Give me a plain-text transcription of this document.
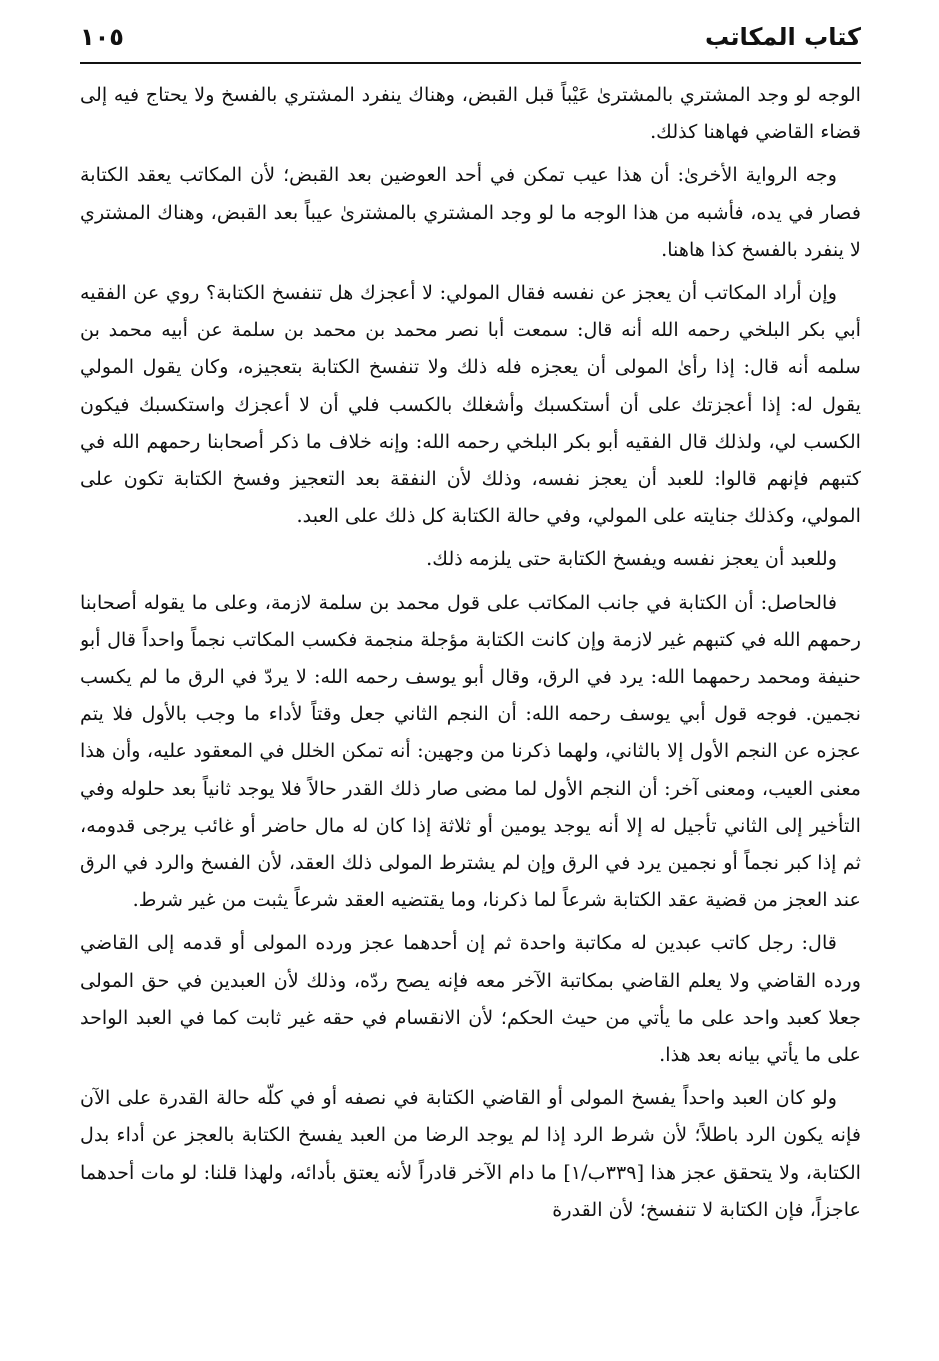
كتاب المكاتب
١٠٥

الوجه لو وجد المشتري بالمشترىٰ عَيْباً قبل القبض، وهناك ينفرد المشتري بالفسخ ولا يحتاج فيه إلى قضاء القاضي فهاهنا كذلك.

وجه الرواية الأخرىٰ: أن هذا عيب تمكن في أحد العوضين بعد القبض؛ لأن المكاتب يعقد الكتابة فصار في يده، فأشبه من هذا الوجه ما لو وجد المشتري بالمشترىٰ عيباً بعد القبض، وهناك المشتري لا ينفرد بالفسخ كذا هاهنا.

وإن أراد المكاتب أن يعجز عن نفسه فقال المولي: لا أعجزك هل تنفسخ الكتابة؟ روي عن الفقيه أبي بكر البلخي رحمه الله أنه قال: سمعت أبا نصر محمد بن محمد بن سلمة عن أبيه محمد بن سلمه أنه قال: إذا رأىٰ المولى أن يعجزه فله ذلك ولا تنفسخ الكتابة بتعجيزه، وكان يقول المولي يقول له: إذا أعجزتك على أن أستكسبك وأشغلك بالكسب فلي أن لا أعجزك واستكسبك فيكون الكسب لي، ولذلك قال الفقيه أبو بكر البلخي رحمه الله: وإنه خلاف ما ذكر أصحابنا رحمهم الله في كتبهم فإنهم قالوا: للعبد أن يعجز نفسه، وذلك لأن النفقة بعد التعجيز وفسخ الكتابة تكون على المولي، وكذلك جنايته على المولي، وفي حالة الكتابة كل ذلك على العبد.

وللعبد أن يعجز نفسه ويفسخ الكتابة حتى يلزمه ذلك.

فالحاصل: أن الكتابة في جانب المكاتب على قول محمد بن سلمة لازمة، وعلى ما يقوله أصحابنا رحمهم الله في كتبهم غير لازمة وإن كانت الكتابة مؤجلة منجمة فكسب المكاتب نجماً واحداً قال أبو حنيفة ومحمد رحمهما الله: يرد في الرق، وقال أبو يوسف رحمه الله: لا يردّ في الرق ما لم يكسب نجمين. فوجه قول أبي يوسف رحمه الله: أن النجم الثاني جعل وقتاً لأداء ما وجب بالأول فلا يتم عجزه عن النجم الأول إلا بالثاني، ولهما ذكرنا من وجهين: أنه تمكن الخلل في المعقود عليه، وأن هذا معنى العيب، ومعنى آخر: أن النجم الأول لما مضى صار ذلك القدر حالاً فلا يوجد ثانياً بعد حلوله وفي التأخير إلى الثاني تأجيل له إلا أنه يوجد يومين أو ثلاثة إذا كان له مال حاضر أو غائب يرجى قدومه، ثم إذا كبر نجماً أو نجمين يرد في الرق وإن لم يشترط المولى ذلك العقد، لأن الفسخ والرد في الرق عند العجز من قضية عقد الكتابة شرعاً لما ذكرنا، وما يقتضيه العقد شرعاً يثبت من غير شرط.

قال: رجل كاتب عبدين له مكاتبة واحدة ثم إن أحدهما عجز ورده المولى أو قدمه إلى القاضي ورده القاضي ولا يعلم القاضي بمكاتبة الآخر معه فإنه يصح ردّه، وذلك لأن العبدين في حق المولى جعلا كعبد واحد على ما يأتي من حيث الحكم؛ لأن الانقسام في حقه غير ثابت كما في العبد الواحد على ما يأتي بيانه بعد هذا.

ولو كان العبد واحداً يفسخ المولى أو القاضي الكتابة في نصفه أو في كلّه حالة القدرة على الآن فإنه يكون الرد باطلاً؛ لأن شرط الرد إذا لم يوجد الرضا من العبد يفسخ الكتابة بالعجز عن أداء بدل الكتابة، ولا يتحقق عجز هذا [٣٣٩ب/١] ما دام الآخر قادراً لأنه يعتق بأدائه، ولهذا قلنا: لو مات أحدهما عاجزاً، فإن الكتابة لا تنفسخ؛ لأن القدرة
